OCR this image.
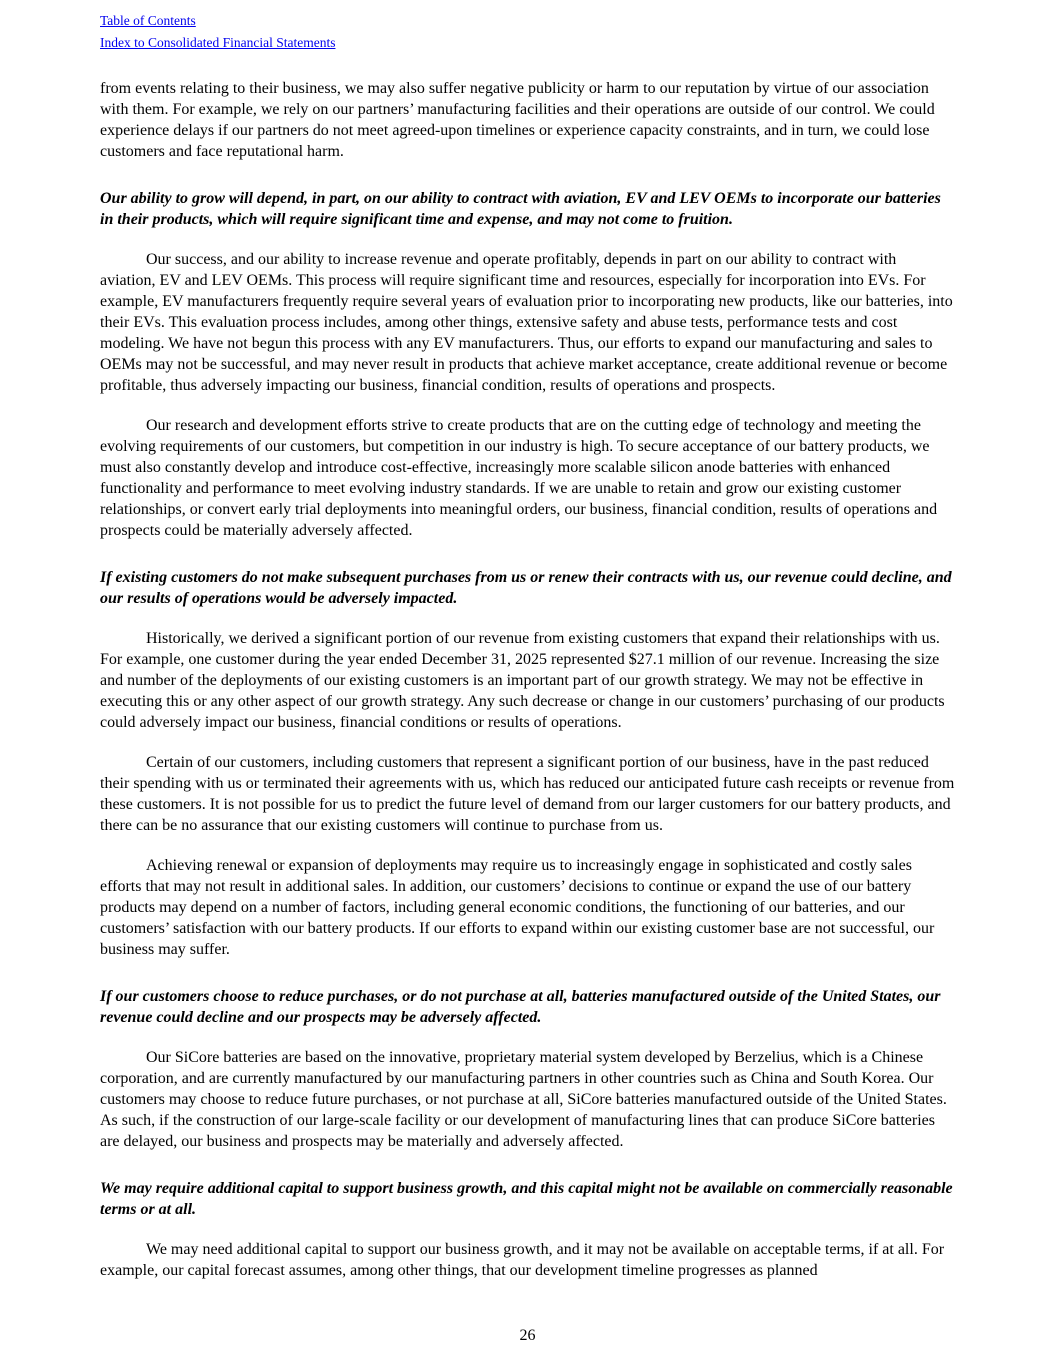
Table of Contents
Index to Consolidated Financial Statements

from events relating to their business, we may also suffer negative publicity or harm to our reputation by virtue of our association with them. For example, we rely on our partners’ manufacturing facilities and their operations are outside of our control. We could experience delays if our partners do not meet agreed-upon timelines or experience capacity constraints, and in turn, we could lose customers and face reputational harm.

Our ability to grow will depend, in part, on our ability to contract with aviation, EV and LEV OEMs to incorporate our batteries in their products, which will require significant time and expense, and may not come to fruition.

Our success, and our ability to increase revenue and operate profitably, depends in part on our ability to contract with aviation, EV and LEV OEMs. This process will require significant time and resources, especially for incorporation into EVs. For example, EV manufacturers frequently require several years of evaluation prior to incorporating new products, like our batteries, into their EVs. This evaluation process includes, among other things, extensive safety and abuse tests, performance tests and cost modeling. We have not begun this process with any EV manufacturers. Thus, our efforts to expand our manufacturing and sales to OEMs may not be successful, and may never result in products that achieve market acceptance, create additional revenue or become profitable, thus adversely impacting our business, financial condition, results of operations and prospects.

Our research and development efforts strive to create products that are on the cutting edge of technology and meeting the evolving requirements of our customers, but competition in our industry is high. To secure acceptance of our battery products, we must also constantly develop and introduce cost-effective, increasingly more scalable silicon anode batteries with enhanced functionality and performance to meet evolving industry standards. If we are unable to retain and grow our existing customer relationships, or convert early trial deployments into meaningful orders, our business, financial condition, results of operations and prospects could be materially adversely affected.

If existing customers do not make subsequent purchases from us or renew their contracts with us, our revenue could decline, and our results of operations would be adversely impacted.

Historically, we derived a significant portion of our revenue from existing customers that expand their relationships with us. For example, one customer during the year ended December 31, 2025 represented $27.1 million of our revenue. Increasing the size and number of the deployments of our existing customers is an important part of our growth strategy. We may not be effective in executing this or any other aspect of our growth strategy. Any such decrease or change in our customers’ purchasing of our products could adversely impact our business, financial conditions or results of operations.

Certain of our customers, including customers that represent a significant portion of our business, have in the past reduced their spending with us or terminated their agreements with us, which has reduced our anticipated future cash receipts or revenue from these customers. It is not possible for us to predict the future level of demand from our larger customers for our battery products, and there can be no assurance that our existing customers will continue to purchase from us.

Achieving renewal or expansion of deployments may require us to increasingly engage in sophisticated and costly sales efforts that may not result in additional sales. In addition, our customers’ decisions to continue or expand the use of our battery products may depend on a number of factors, including general economic conditions, the functioning of our batteries, and our customers’ satisfaction with our battery products. If our efforts to expand within our existing customer base are not successful, our business may suffer.

If our customers choose to reduce purchases, or do not purchase at all, batteries manufactured outside of the United States, our revenue could decline and our prospects may be adversely affected.

Our SiCore batteries are based on the innovative, proprietary material system developed by Berzelius, which is a Chinese corporation, and are currently manufactured by our manufacturing partners in other countries such as China and South Korea. Our customers may choose to reduce future purchases, or not purchase at all, SiCore batteries manufactured outside of the United States. As such, if the construction of our large-scale facility or our development of manufacturing lines that can produce SiCore batteries are delayed, our business and prospects may be materially and adversely affected.

We may require additional capital to support business growth, and this capital might not be available on commercially reasonable terms or at all.

We may need additional capital to support our business growth, and it may not be available on acceptable terms, if at all. For example, our capital forecast assumes, among other things, that our development timeline progresses as planned

26
